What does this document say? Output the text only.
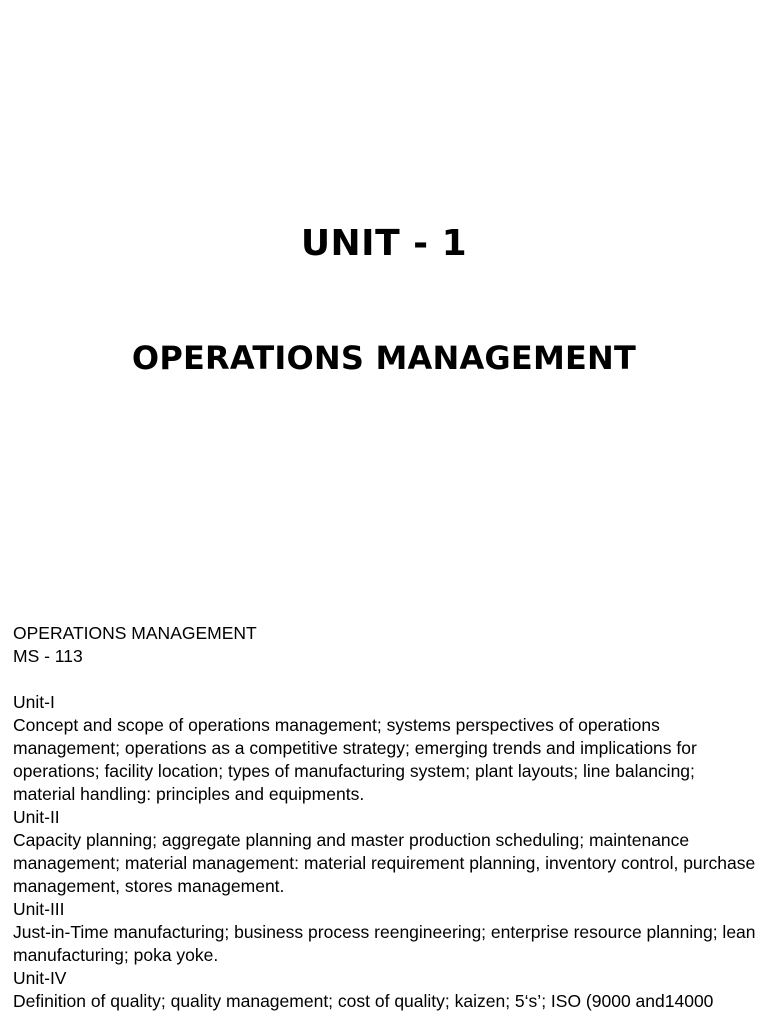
UNIT - 1
OPERATIONS MANAGEMENT
OPERATIONS MANAGEMENT
MS - 113
Unit-I
Concept and scope of operations management; systems perspectives of operations management; operations as a competitive strategy; emerging trends and implications for operations; facility location; types of manufacturing system; plant layouts; line balancing; material handling: principles and equipments.
Unit-II
Capacity planning; aggregate planning and master production scheduling; maintenance management; material management: material requirement planning, inventory control, purchase management, stores management.
Unit-III
Just-in-Time manufacturing; business process reengineering; enterprise resource planning; lean manufacturing; poka yoke.
Unit-IV
Definition of quality; quality management; cost of quality; kaizen; 5‘s’; ISO (9000 and14000
